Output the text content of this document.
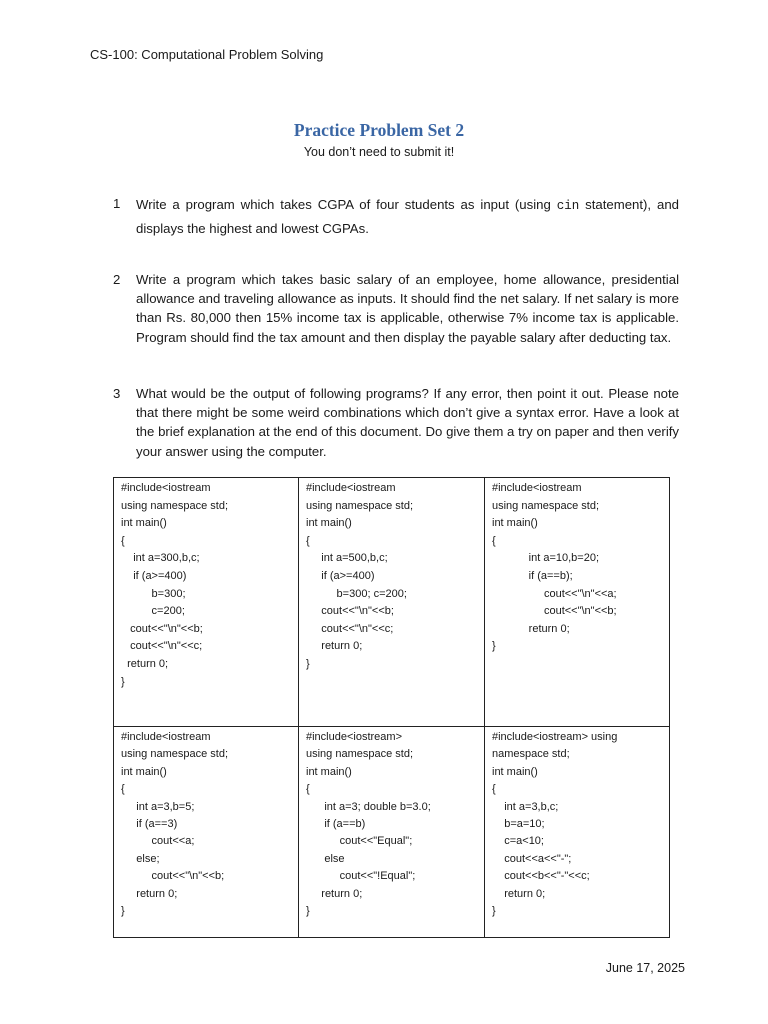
CS-100: Computational Problem Solving
Practice Problem Set 2
You don’t need to submit it!
1 Write a program which takes CGPA of four students as input (using cin statement), and displays the highest and lowest CGPAs.
2 Write a program which takes basic salary of an employee, home allowance, presidential allowance and traveling allowance as inputs. It should find the net salary. If net salary is more than Rs. 80,000 then 15% income tax is applicable, otherwise 7% income tax is applicable. Program should find the tax amount and then display the payable salary after deducting tax.
3 What would be the output of following programs? If any error, then point it out. Please note that there might be some weird combinations which don’t give a syntax error. Have a look at the brief explanation at the end of this document. Do give them a try on paper and then verify your answer using the computer.
#include<iostream
using namespace std;
int main()
{
int a=300,b,c;
if (a>=400)
b=300;
c=200;
cout<<"\n"<<b;
cout<<"\n"<<c;
return 0;
}
#include<iostream
using namespace std;
int main()
{
int a=500,b,c;
if (a>=400)
b=300; c=200;
cout<<"\n"<<b;
cout<<"\n"<<c;
return 0;
}
#include<iostream
using namespace std;
int main()
{
int a=10,b=20;
if (a==b);
cout<<"\n"<<a;
cout<<"\n"<<b;
return 0;
}
#include<iostream
using namespace std;
int main()
{
int a=3,b=5;
if (a==3)
cout<<a;
else;
cout<<"\n"<<b;
return 0;
}
#include<iostream>
using namespace std;
int main()
{
int a=3; double b=3.0;
if (a==b)
cout<<"Equal";
else
cout<<"!Equal";
return 0;
}
#include<iostream> using
namespace std;
int main()
{
int a=3,b,c;
b=a=10;
c=a<10;
cout<<a<<"-";
cout<<b<<"-"<<c;
return 0;
}
June 17, 2025
